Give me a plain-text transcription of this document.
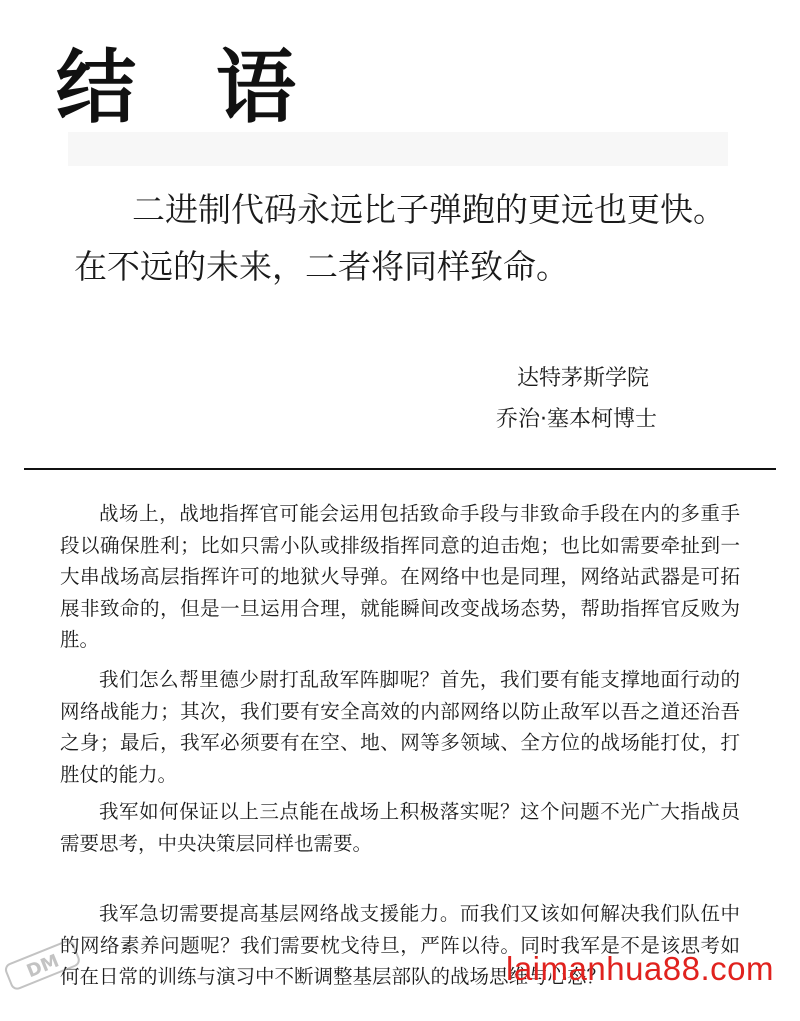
结 语
二进制代码永远比子弹跑的更远也更快。
在不远的未来，二者将同样致命。
达特茅斯学院
乔治·塞本柯博士

战场上，战地指挥官可能会运用包括致命手段与非致命手段在内的多重手段以确保胜利；比如只需小队或排级指挥同意的迫击炮；也比如需要牵扯到一大串战场高层指挥许可的地狱火导弹。在网络中也是同理，网络站武器是可拓展非致命的，但是一旦运用合理，就能瞬间改变战场态势，帮助指挥官反败为胜。

我们怎么帮里德少尉打乱敌军阵脚呢？首先，我们要有能支撑地面行动的网络战能力；其次，我们要有安全高效的内部网络以防止敌军以吾之道还治吾之身；最后，我军必须要有在空、地、网等多领域、全方位的战场能打仗，打胜仗的能力。

我军如何保证以上三点能在战场上积极落实呢？这个问题不光广大指战员需要思考，中央决策层同样也需要。

我军急切需要提高基层网络战支援能力。而我们又该如何解决我们队伍中的网络素养问题呢？我们需要枕戈待旦，严阵以待。同时我军是不是该思考如何在日常的训练与演习中不断调整基层部队的战场思维与心态？

DM	laimanhua88.com
